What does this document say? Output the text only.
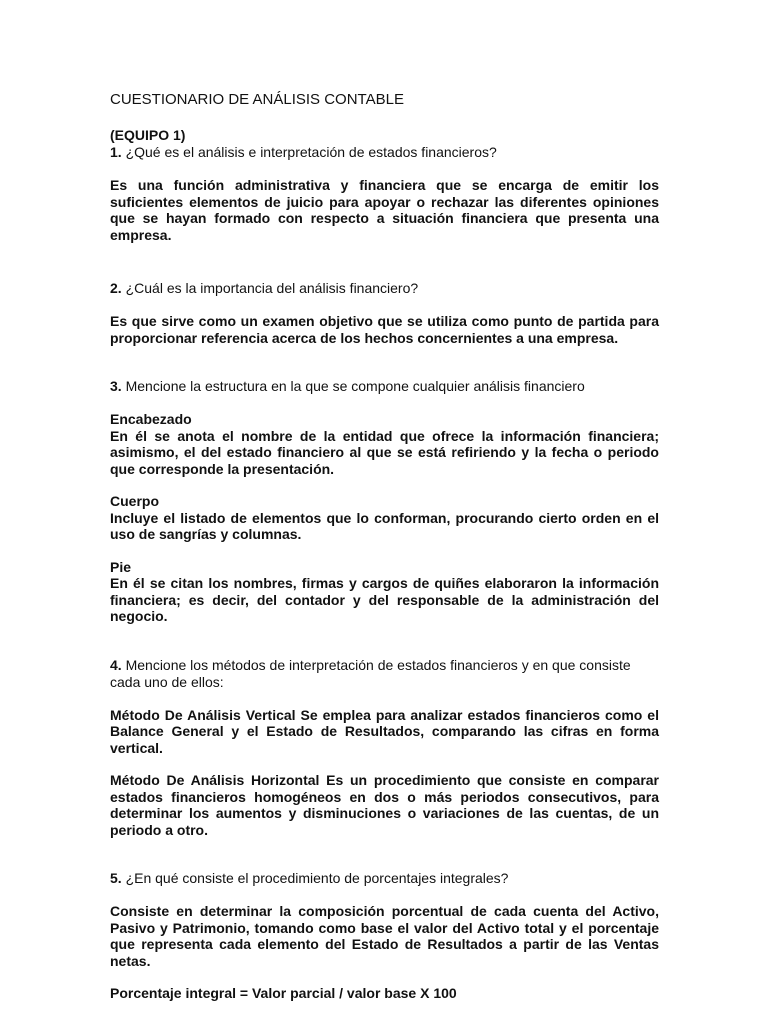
CUESTIONARIO DE ANÁLISIS CONTABLE

(EQUIPO 1)

1. ¿Qué es el análisis e interpretación de estados financieros?

Es una función administrativa y financiera que se encarga de emitir los suficientes elementos de juicio para apoyar o rechazar las diferentes opiniones que se hayan formado con respecto a situación financiera que presenta una empresa.

2. ¿Cuál es la importancia del análisis financiero?

Es que sirve como un examen objetivo que se utiliza como punto de partida para proporcionar referencia acerca de los hechos concernientes a una empresa.

3. Mencione la estructura en la que se compone cualquier análisis financiero

Encabezado

En él se anota el nombre de la entidad que ofrece la información financiera; asimismo, el del estado financiero al que se está refiriendo y la fecha o periodo que corresponde la presentación.

Cuerpo

Incluye el listado de elementos que lo conforman, procurando cierto orden en el uso de sangrías y columnas.

Pie

En él se citan los nombres, firmas y cargos de quiñes elaboraron la información financiera; es decir, del contador y del responsable de la administración del negocio.

4. Mencione los métodos de interpretación de estados financieros y en que consiste cada uno de ellos:

Método De Análisis Vertical Se emplea para analizar estados financieros como el Balance General y el Estado de Resultados, comparando las cifras en forma vertical.

Método De Análisis Horizontal Es un procedimiento que consiste en comparar estados financieros homogéneos en dos o más periodos consecutivos, para determinar los aumentos y disminuciones o variaciones de las cuentas, de un periodo a otro.

5. ¿En qué consiste el procedimiento de porcentajes integrales?

Consiste en determinar la composición porcentual de cada cuenta del Activo, Pasivo y Patrimonio, tomando como base el valor del Activo total y el porcentaje que representa cada elemento del Estado de Resultados a partir de las Ventas netas.

Porcentaje integral = Valor parcial / valor base X 100
